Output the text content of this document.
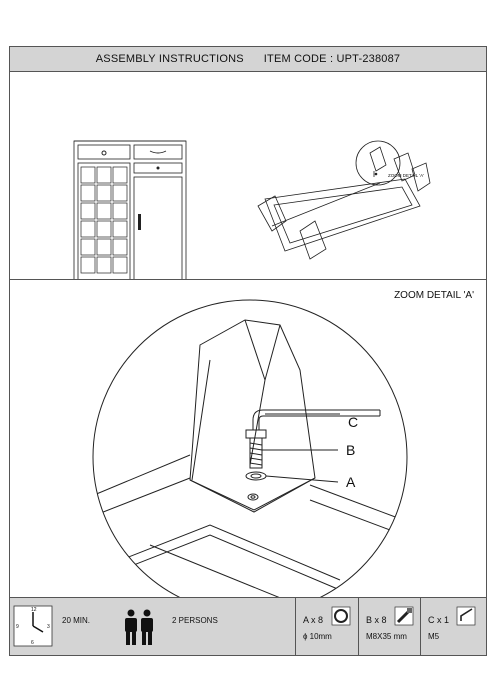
ASSEMBLY INSTRUCTIONS ITEM CODE : UPT-238087
ZOOM DETAIL 'A'
ZOOM DETAIL 'A'
C
B
A
12
3
6
9
20 MIN.	2 PERSONS	A x 8
ɸ 10mm
B x 8
M8X35 mm
C x 1
M5
